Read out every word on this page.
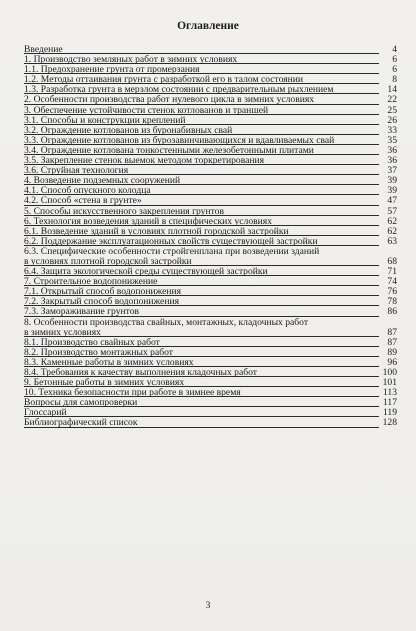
Оглавление
Введение	4
1. Производство земляных работ в зимних условиях	6
1.1. Предохранение грунта от промерзания	6
1.2. Методы оттаивания грунта с разработкой его в талом состоянии	8
1.3. Разработка грунта в мерзлом состоянии с предварительным рыхлением	14
2. Особенности производства работ нулевого цикла в зимних условиях	22
3. Обеспечение устойчивости стенок котлованов и траншей	25
3.1. Способы и конструкции креплений	26
3.2. Ограждение котлованов из буронабивных свай	33
3.3. Ограждение котлованов из бурозавинчивающихся и вдавливаемых свай	35
3.4. Ограждение котлована тонкостенными железобетонными плитами	36
3.5. Закрепление стенок выемок методом торкретирования	36
3.6. Струйная технология	37
4. Возведение подземных сооружений	39
4.1. Способ опускного колодца	39
4.2. Способ «стена в грунте»	47
5. Способы искусственного закрепления грунтов	57
6. Технология возведения зданий в специфических условиях	62
6.1. Возведение зданий в условиях плотной городской застройки	62
6.2. Поддержание эксплуатационных свойств существующей застройки	63
6.3. Специфические особенности стройгенплана при возведении зданий
в условиях плотной городской застройки	68
6.4. Защита экологической среды существующей застройки	71
7. Строительное водопонижение	74
7.1. Открытый способ водопонижения	76
7.2. Закрытый способ водопонижения	78
7.3. Замораживание грунтов	86
8. Особенности производства свайных, монтажных, кладочных работ
в зимних условиях	87
8.1. Производство свайных работ	87
8.2. Производство монтажных работ	89
8.3. Каменные работы в зимних условиях	96
8.4. Требования к качеству выполнения кладочных работ	100
9. Бетонные работы в зимних условиях	101
10. Техника безопасности при работе в зимнее время	113
Вопросы для самопроверки	117
Глоссарий	119
Библиографический список	128
3
